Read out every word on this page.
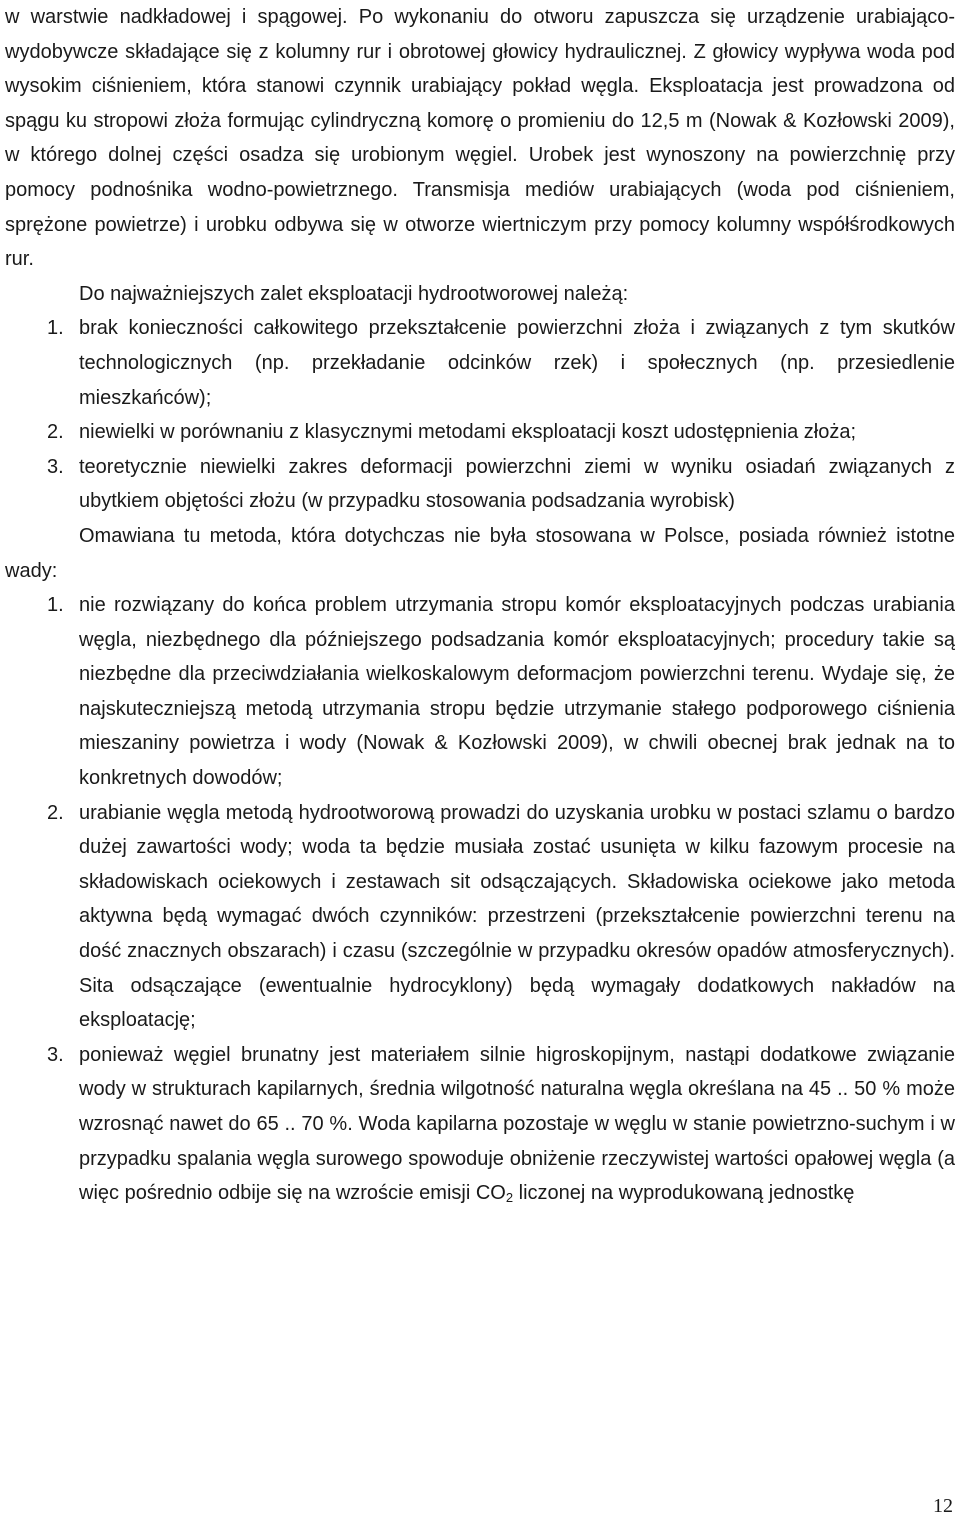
w warstwie nadkładowej i spągowej. Po wykonaniu do otworu zapuszcza się urządzenie urabiająco-wydobywcze składające się z kolumny rur i obrotowej głowicy hydraulicznej. Z głowicy wypływa woda pod wysokim ciśnieniem, która stanowi czynnik urabiający pokład węgla. Eksploatacja jest prowadzona od spągu ku stropowi złoża formując cylindryczną komorę o promieniu do 12,5 m (Nowak & Kozłowski 2009), w którego dolnej części osadza się urobionym węgiel. Urobek jest wynoszony na powierzchnię przy pomocy podnośnika wodno-powietrznego. Transmisja mediów urabiających (woda pod ciśnieniem, sprężone powietrze) i urobku odbywa się w otworze wiertniczym przy pomocy kolumny współśrodkowych rur.

Do najważniejszych zalet eksploatacji hydrootworowej należą:

1. brak konieczności całkowitego przekształcenie powierzchni złoża i związanych z tym skutków technologicznych (np. przekładanie odcinków rzek) i społecznych (np. przesiedlenie mieszkańców);
2. niewielki w porównaniu z klasycznymi metodami eksploatacji koszt udostępnienia złoża;
3. teoretycznie niewielki zakres deformacji powierzchni ziemi w wyniku osiadań związanych z ubytkiem objętości złożu (w przypadku stosowania podsadzania wyrobisk)

Omawiana tu metoda, która dotychczas nie była stosowana w Polsce, posiada również istotne wady:

1. nie rozwiązany do końca problem utrzymania stropu komór eksploatacyjnych podczas urabiania węgla, niezbędnego dla późniejszego podsadzania komór eksploatacyjnych; procedury takie są niezbędne dla przeciwdziałania wielkoskalowym deformacjom powierzchni terenu. Wydaje się, że najskuteczniejszą metodą utrzymania stropu będzie utrzymanie stałego podporowego ciśnienia mieszaniny powietrza i wody (Nowak & Kozłowski 2009), w chwili obecnej brak jednak na to konkretnych dowodów;
2. urabianie węgla metodą hydrootworową prowadzi do uzyskania urobku w postaci szlamu o bardzo dużej zawartości wody; woda ta będzie musiała zostać usunięta w kilku fazowym procesie na składowiskach ociekowych i zestawach sit odsączających. Składowiska ociekowe jako metoda aktywna będą wymagać dwóch czynników: przestrzeni (przekształcenie powierzchni terenu na dość znacznych obszarach) i czasu (szczególnie w przypadku okresów opadów atmosferycznych). Sita odsączające (ewentualnie hydrocyklony) będą wymagały dodatkowych nakładów na eksploatację;
3. ponieważ węgiel brunatny jest materiałem silnie higroskopijnym, nastąpi dodatkowe związanie wody w strukturach kapilarnych, średnia wilgotność naturalna węgla określana na 45 .. 50 % może wzrosnąć nawet do 65 .. 70 %. Woda kapilarna pozostaje w węglu w stanie powietrzno-suchym i w przypadku spalania węgla surowego spowoduje obniżenie rzeczywistej wartości opałowej węgla (a więc pośrednio odbije się na wzroście emisji $CO_2$ liczonej na wyprodukowaną jednostkę
12
